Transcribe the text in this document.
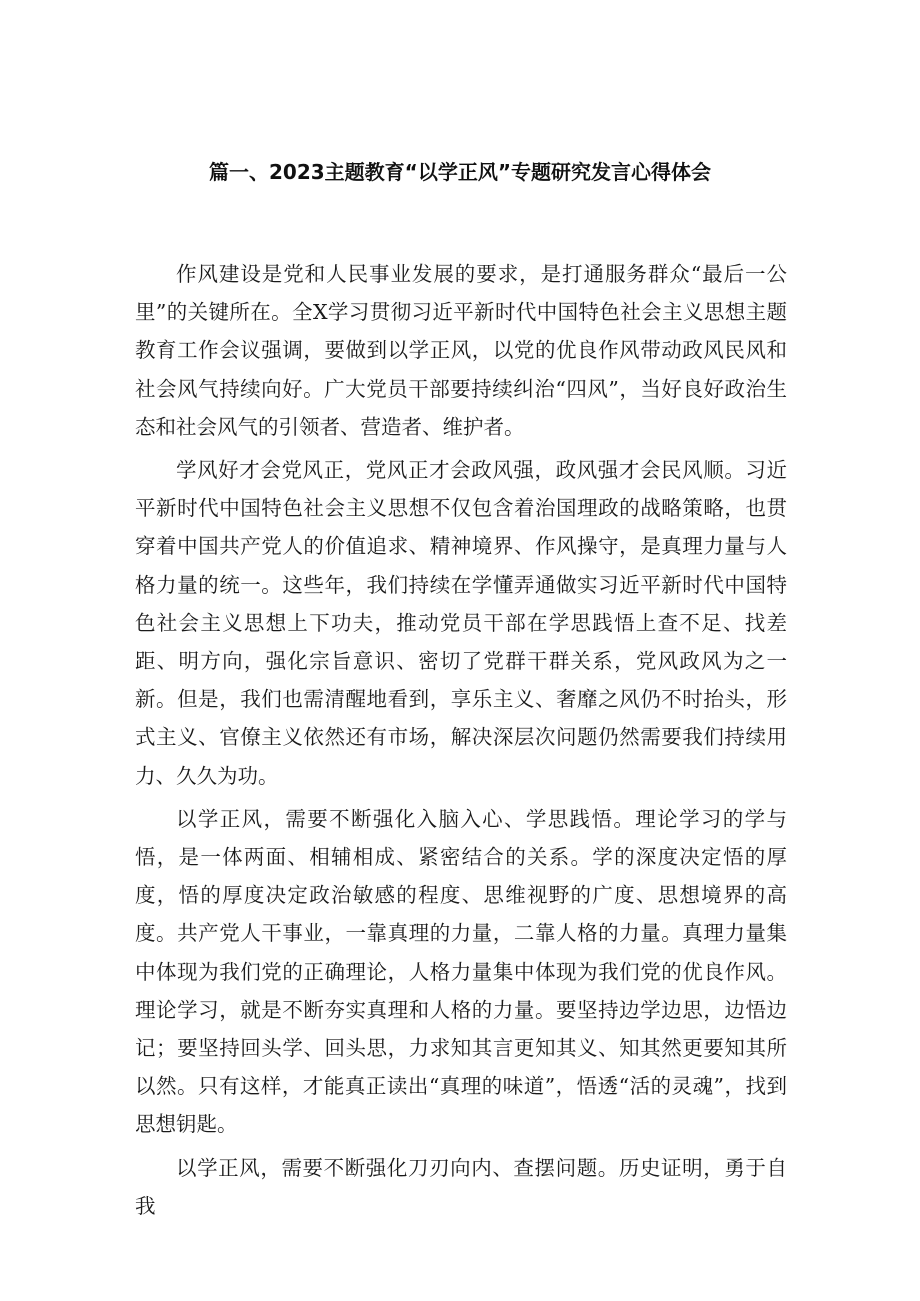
篇一、2023主题教育“以学正风”专题研究发言心得体会

作风建设是党和人民事业发展的要求，是打通服务群众“最后一公里”的关键所在。全X学习贯彻习近平新时代中国特色社会主义思想主题教育工作会议强调，要做到以学正风，以党的优良作风带动政风民风和社会风气持续向好。广大党员干部要持续纠治“四风”，当好良好政治生态和社会风气的引领者、营造者、维护者。

学风好才会党风正，党风正才会政风强，政风强才会民风顺。习近平新时代中国特色社会主义思想不仅包含着治国理政的战略策略，也贯穿着中国共产党人的价值追求、精神境界、作风操守，是真理力量与人格力量的统一。这些年，我们持续在学懂弄通做实习近平新时代中国特色社会主义思想上下功夫，推动党员干部在学思践悟上查不足、找差距、明方向，强化宗旨意识、密切了党群干群关系，党风政风为之一新。但是，我们也需清醒地看到，享乐主义、奢靡之风仍不时抬头，形式主义、官僚主义依然还有市场，解决深层次问题仍然需要我们持续用力、久久为功。

以学正风，需要不断强化入脑入心、学思践悟。理论学习的学与悟，是一体两面、相辅相成、紧密结合的关系。学的深度决定悟的厚度，悟的厚度决定政治敏感的程度、思维视野的广度、思想境界的高度。共产党人干事业，一靠真理的力量，二靠人格的力量。真理力量集中体现为我们党的正确理论，人格力量集中体现为我们党的优良作风。理论学习，就是不断夯实真理和人格的力量。要坚持边学边思，边悟边记；要坚持回头学、回头思，力求知其言更知其义、知其然更要知其所以然。只有这样，才能真正读出“真理的味道”，悟透“活的灵魂”，找到思想钥匙。

以学正风，需要不断强化刀刃向内、查摆问题。历史证明，勇于自我
